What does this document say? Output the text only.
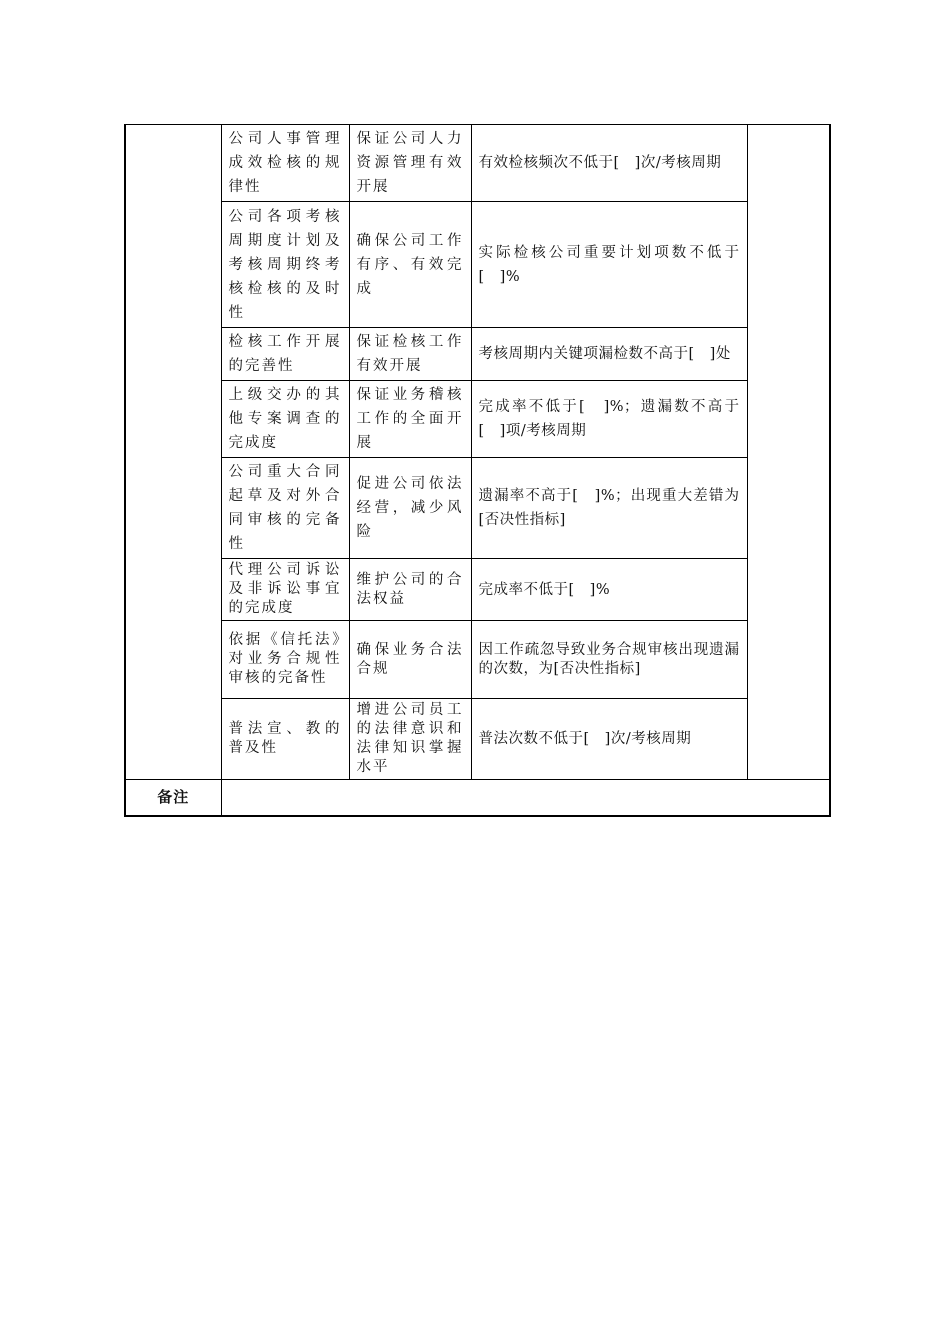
	公司人事管理成效检核的规律性	保证公司人力资源管理有效开展	有效检核频次不低于[　]次/考核周期	
	公司各项考核周期度计划及考核周期终考核检核的及时性	确保公司工作有序、有效完成	实际检核公司重要计划项数不低于[　]%	
	检核工作开展的完善性	保证检核工作有效开展	考核周期内关键项漏检数不高于[　]处	
	上级交办的其他专案调查的完成度	保证业务稽核工作的全面开展	完成率不低于[　]%；遗漏数不高于[　]项/考核周期	
	公司重大合同起草及对外合同审核的完备性	促进公司依法经营，减少风险	遗漏率不高于[　]%；出现重大差错为[否决性指标]	
	代理公司诉讼及非诉讼事宜的完成度	维护公司的合法权益	完成率不低于[　]%	
	依据《信托法》对业务合规性审核的完备性	确保业务合法合规	因工作疏忽导致业务合规审核出现遗漏的次数，为[否决性指标]	
	普法宣、教的普及性	增进公司员工的法律意识和法律知识掌握水平	普法次数不低于[　]次/考核周期	
备注				
